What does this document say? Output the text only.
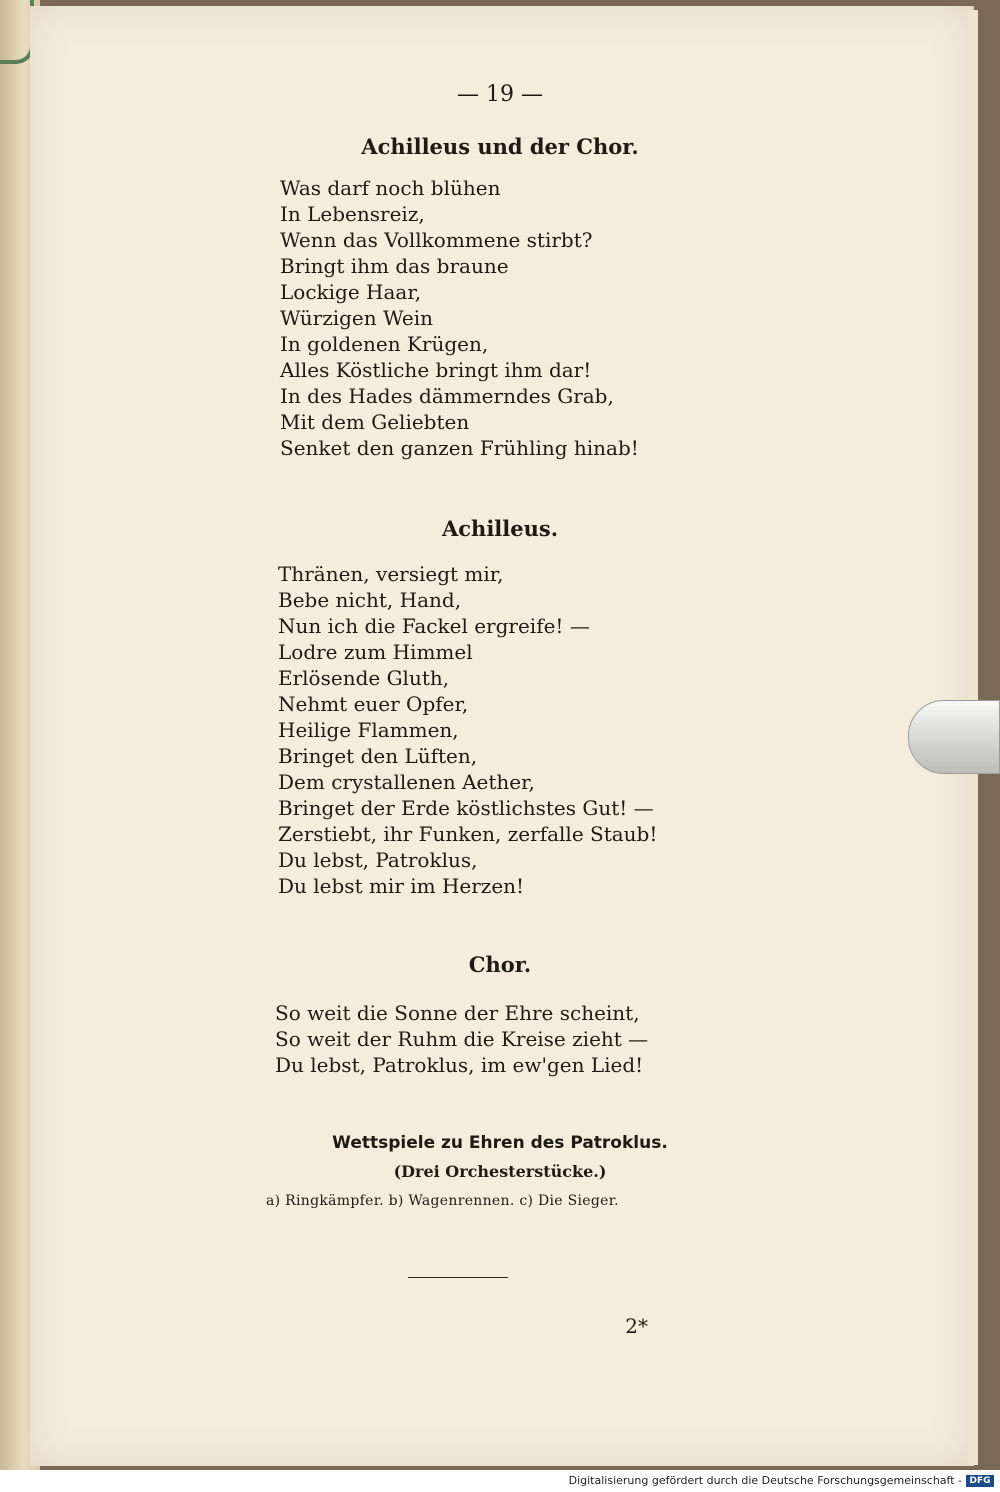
— 19 —
Achilleus und der Chor.
Was darf noch blühen
In Lebensreiz,
Wenn das Vollkommene stirbt?
Bringt ihm das braune
Lockige Haar,
Würzigen Wein
In goldenen Krügen,
Alles Köstliche bringt ihm dar!
In des Hades dämmerndes Grab,
Mit dem Geliebten
Senket den ganzen Frühling hinab!
Achilleus.
Thränen, versiegt mir,
Bebe nicht, Hand,
Nun ich die Fackel ergreife! —
Lodre zum Himmel
Erlösende Gluth,
Nehmt euer Opfer,
Heilige Flammen,
Bringet den Lüften,
Dem crystallenen Aether,
Bringet der Erde köstlichstes Gut! —
Zerstiebt, ihr Funken, zerfalle Staub!
Du lebst, Patroklus,
Du lebst mir im Herzen!
Chor.
So weit die Sonne der Ehre scheint,
So weit der Ruhm die Kreise zieht —
Du lebst, Patroklus, im ew'gen Lied!
Wettspiele zu Ehren des Patroklus.
(Drei Orchesterstücke.)
a) Ringkämpfer. b) Wagenrennen. c) Die Sieger.
2*
Digitalisierung gefördert durch die Deutsche Forschungsgemeinschaft - DFG
